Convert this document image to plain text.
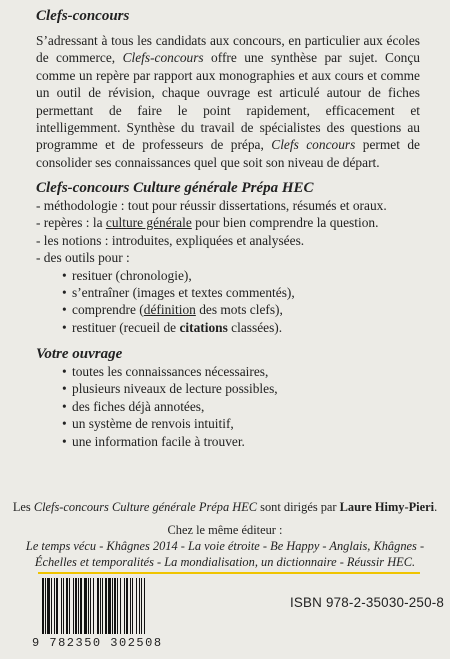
Clefs-concours

S’adressant à tous les candidats aux concours, en particulier aux écoles de commerce, Clefs-concours offre une synthèse par sujet. Conçu comme un repère par rapport aux monographies et aux cours et comme un outil de révision, chaque ouvrage est articulé autour de fiches permettant de faire le point rapidement, efficacement et intelligemment. Synthèse du travail de spécialistes des questions au programme et de professeurs de prépa, Clefs concours permet de consolider ses connaissances quel que soit son niveau de départ.

Clefs-concours Culture générale Prépa HEC
- méthodologie : tout pour réussir dissertations, résumés et oraux.
- repères : la culture générale pour bien comprendre la question.
- les notions : introduites, expliquées et analysées.
- des outils pour :
• resituer (chronologie),
• s’entraîner (images et textes commentés),
• comprendre (définition des mots clefs),
• restituer (recueil de citations classées).
Votre ouvrage
• toutes les connaissances nécessaires,
• plusieurs niveaux de lecture possibles,
• des fiches déjà annotées,
• un système de renvois intuitif,
• une information facile à trouver.
Les Clefs-concours Culture générale Prépa HEC sont dirigés par Laure Himy-Pieri.
Chez le même éditeur :
Le temps vécu - Khâgnes 2014 - La voie étroite - Be Happy - Anglais, Khâgnes -
Échelles et temporalités - La mondialisation, un dictionnaire - Réussir HEC.
9 782350 302508
ISBN 978-2-35030-250-8
